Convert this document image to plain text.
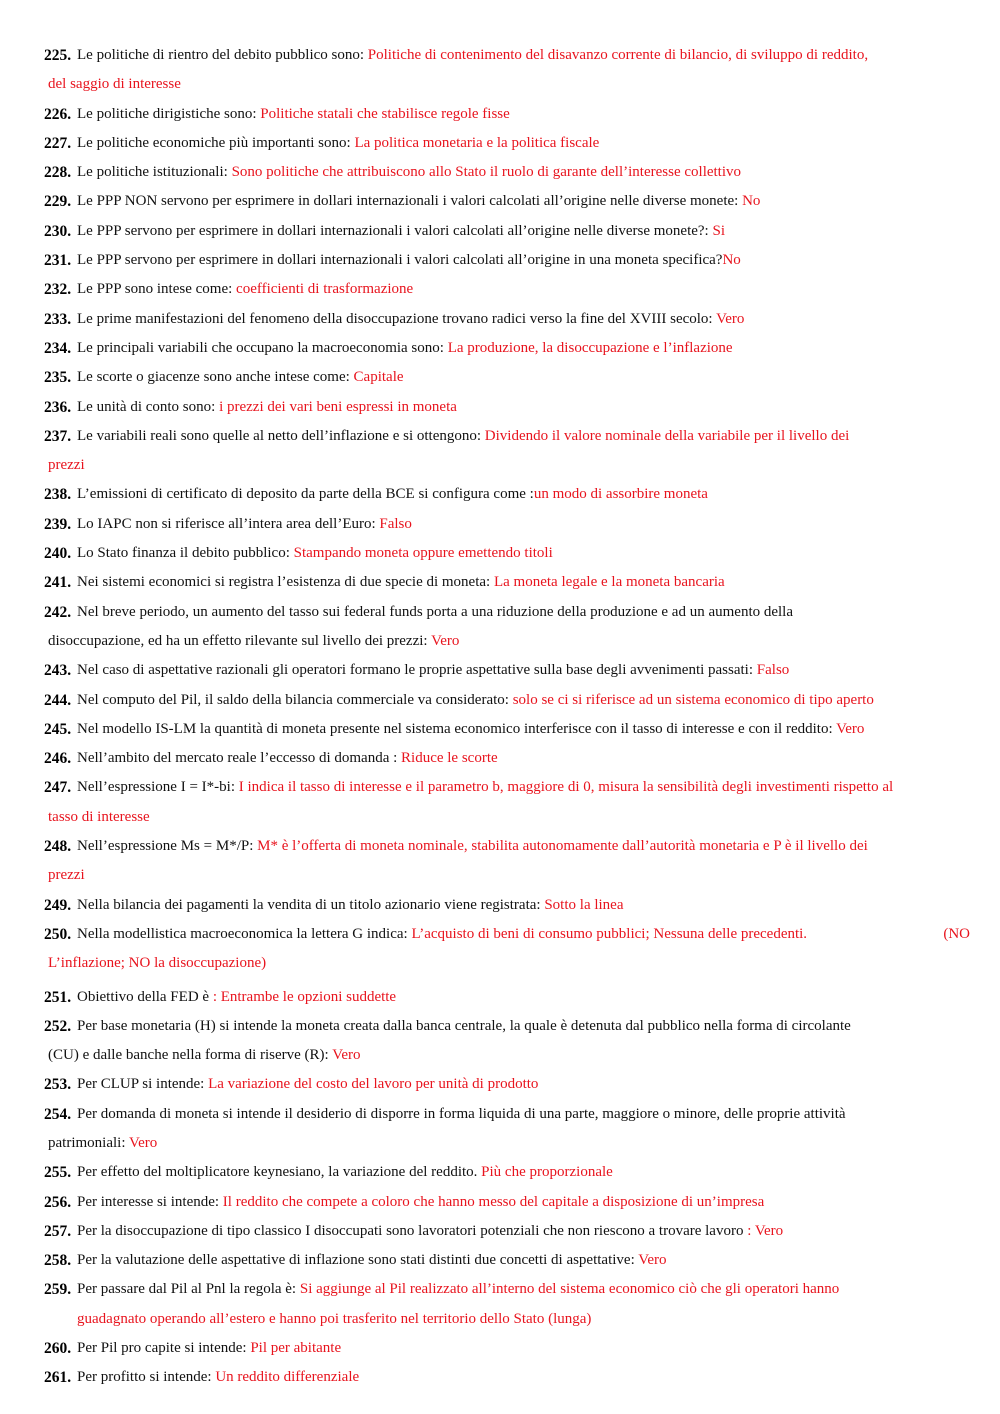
225. Le politiche di rientro del debito pubblico sono: Politiche di contenimento del disavanzo corrente di bilancio, di sviluppo di reddito,
del saggio di interesse
226. Le politiche dirigistiche sono: Politiche statali che stabilisce regole fisse
227. Le politiche economiche più importanti sono: La politica monetaria e la politica fiscale
228. Le politiche istituzionali: Sono politiche che attribuiscono allo Stato il ruolo di garante dell’interesse collettivo
229. Le PPP NON servono per esprimere in dollari internazionali i valori calcolati all’origine nelle diverse monete: No
230. Le PPP servono per esprimere in dollari internazionali i valori calcolati all’origine nelle diverse monete?: Si
231. Le PPP servono per esprimere in dollari internazionali i valori calcolati all’origine in una moneta specifica?No
232. Le PPP sono intese come: coefficienti di trasformazione
233. Le prime manifestazioni del fenomeno della disoccupazione trovano radici verso la fine del XVIII secolo: Vero
234. Le principali variabili che occupano la macroeconomia sono: La produzione, la disoccupazione e l’inflazione
235. Le scorte o giacenze sono anche intese come: Capitale
236. Le unità di conto sono: i prezzi dei vari beni espressi in moneta
237. Le variabili reali sono quelle al netto dell’inflazione e si ottengono: Dividendo il valore nominale della variabile per il livello dei
prezzi
238. L’emissioni di certificato di deposito da parte della BCE si configura come :un modo di assorbire moneta
239. Lo IAPC non si riferisce all’intera area dell’Euro: Falso
240. Lo Stato finanza il debito pubblico: Stampando moneta oppure emettendo titoli
241. Nei sistemi economici si registra l’esistenza di due specie di moneta: La moneta legale e la moneta bancaria
242. Nel breve periodo, un aumento del tasso sui federal funds porta a una riduzione della produzione e ad un aumento della
disoccupazione, ed ha un effetto rilevante sul livello dei prezzi: Vero
243. Nel caso di aspettative razionali gli operatori formano le proprie aspettative sulla base degli avvenimenti passati: Falso
244. Nel computo del Pil, il saldo della bilancia commerciale va considerato: solo se ci si riferisce ad un sistema economico di tipo aperto
245. Nel modello IS-LM la quantità di moneta presente nel sistema economico interferisce con il tasso di interesse e con il reddito: Vero
246. Nell’ambito del mercato reale l’eccesso di domanda : Riduce le scorte
247. Nell’espressione I = I*-bi: I indica il tasso di interesse e il parametro b, maggiore di 0, misura la sensibilità degli investimenti rispetto al
tasso di interesse
248. Nell’espressione Ms = M*/P: M* è l’offerta di moneta nominale, stabilita autonomamente dall’autorità monetaria e P è il livello dei
prezzi
249. Nella bilancia dei pagamenti la vendita di un titolo azionario viene registrata: Sotto la linea
250. Nella modellistica macroeconomica la lettera G indica: L’acquisto di beni di consumo pubblici; Nessuna delle precedenti.	(NO
L’inflazione; NO la disoccupazione)
251. Obiettivo della FED è : Entrambe le opzioni suddette
252. Per base monetaria (H) si intende la moneta creata dalla banca centrale, la quale è detenuta dal pubblico nella forma di circolante
(CU) e dalle banche nella forma di riserve (R): Vero
253. Per CLUP si intende: La variazione del costo del lavoro per unità di prodotto
254. Per domanda di moneta si intende il desiderio di disporre in forma liquida di una parte, maggiore o minore, delle proprie attività
patrimoniali: Vero
255. Per effetto del moltiplicatore keynesiano, la variazione del reddito. Più che proporzionale
256. Per interesse si intende: Il reddito che compete a coloro che hanno messo del capitale a disposizione di un’impresa
257. Per la disoccupazione di tipo classico I disoccupati sono lavoratori potenziali che non riescono a trovare lavoro : Vero
258. Per la valutazione delle aspettative di inflazione sono stati distinti due concetti di aspettative: Vero
259. Per passare dal Pil al Pnl la regola è: Si aggiunge al Pil realizzato all’interno del sistema economico ciò che gli operatori hanno
guadagnato operando all’estero e hanno poi trasferito nel territorio dello Stato (lunga)
260. Per Pil pro capite si intende: Pil per abitante
261. Per profitto si intende: Un reddito differenziale
